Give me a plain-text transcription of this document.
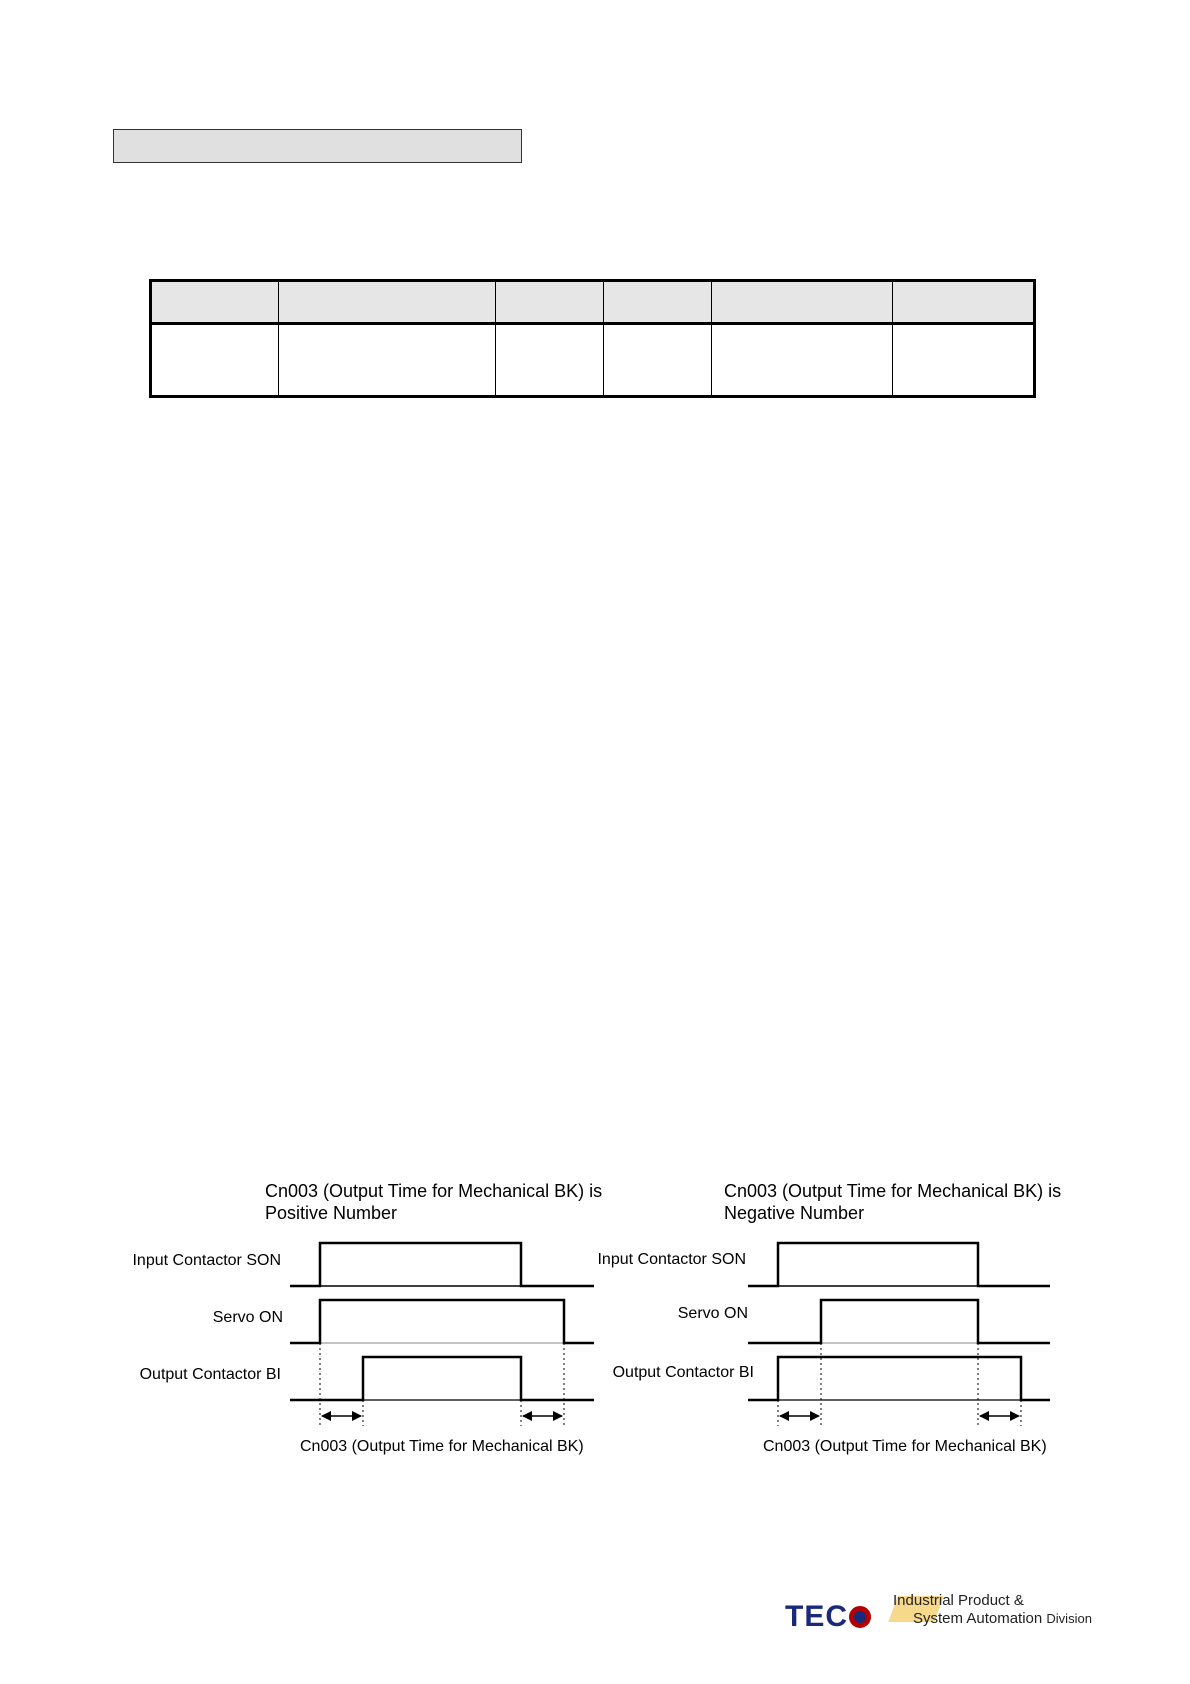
Cn003 (Output Time for Mechanical BK) is
Positive Number
Input Contactor SON
Servo ON
Output Contactor BI
Cn003 (Output Time for Mechanical BK)
Cn003 (Output Time for Mechanical BK) is
Negative Number
Input Contactor SON
Servo ON
Output Contactor BI
Cn003 (Output Time for Mechanical BK)
TEC	Industrial Product &
System Automation Division
